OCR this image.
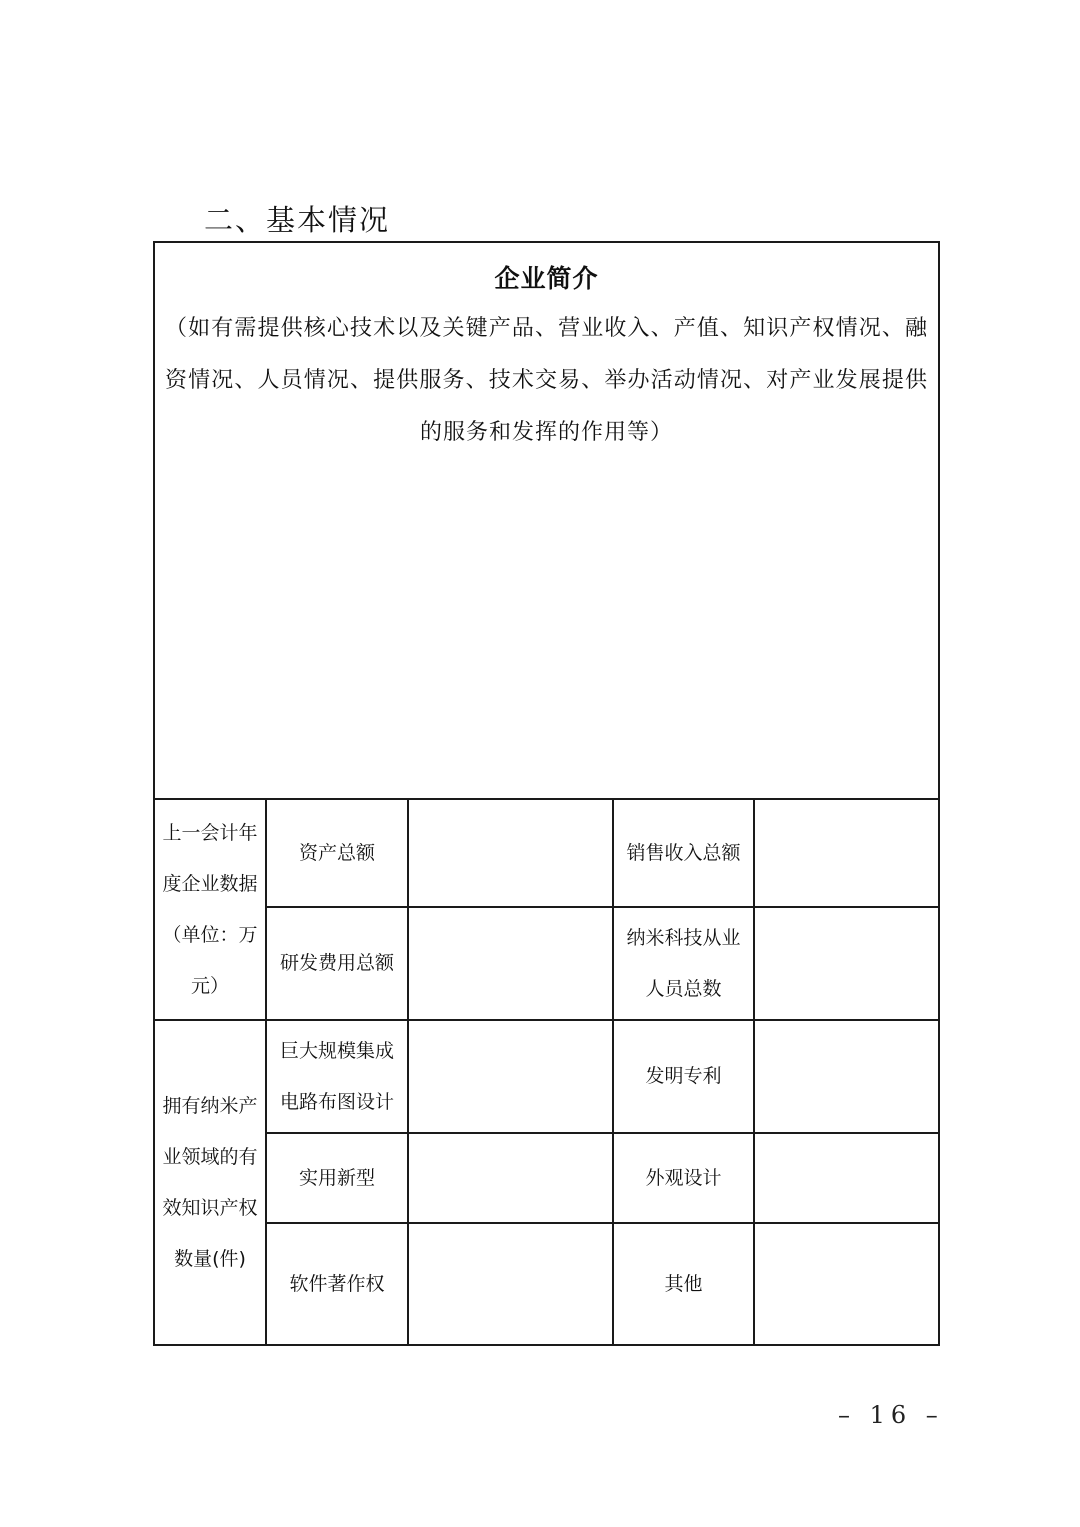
二、基本情况
企业简介
（如有需提供核心技术以及关键产品、营业收入、产值、知识产权情况、融资情况、人员情况、提供服务、技术交易、举办活动情况、对产业发展提供的服务和发挥的作用等）				

上一会计年度企业数据（单位：万元）	资产总额		销售收入总额	

	研发费用总额		纳米科技从业人员总数	

拥有纳米产业领域的有效知识产权数量(件)	巨大规模集成电路布图设计		发明专利	

	实用新型		外观设计	

	软件著作权		其他	

– 16 –
